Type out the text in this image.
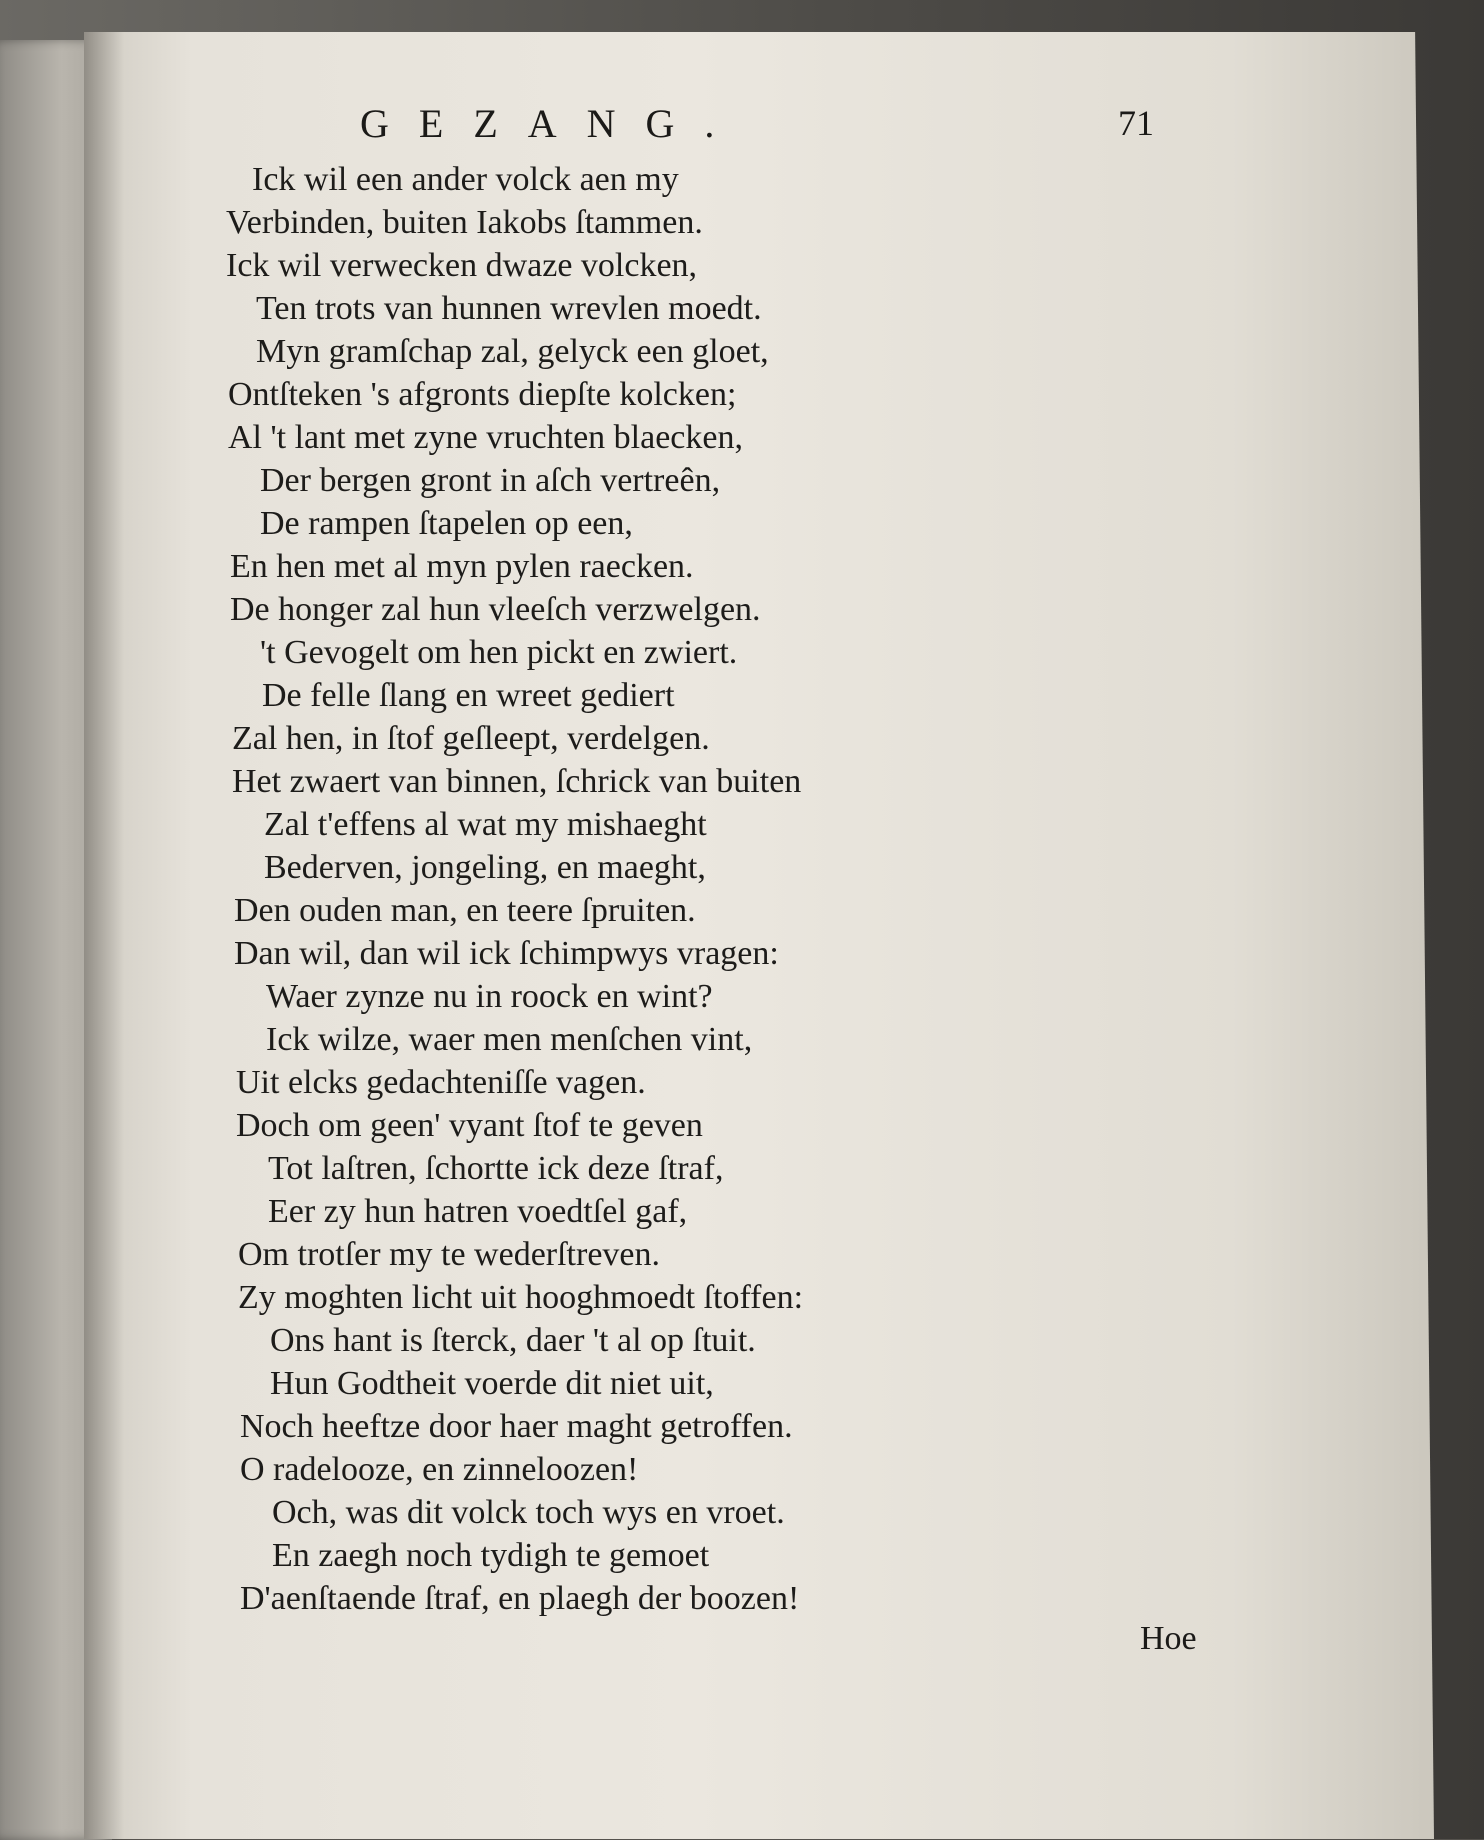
GEZANG.	71
Ick wil een ander volck aen my
Verbinden, buiten Iakobs ſtammen.
Ick wil verwecken dwaze volcken,
Ten trots van hunnen wrevlen moedt.
Myn gramſchap zal, gelyck een gloet,
Ontſteken 's afgronts diepſte kolcken;
Al 't lant met zyne vruchten blaecken,
Der bergen gront in aſch vertreên,
De rampen ſtapelen op een,
En hen met al myn pylen raecken.
De honger zal hun vleeſch verzwelgen.
't Gevogelt om hen pickt en zwiert.
De felle ſlang en wreet gediert
Zal hen, in ſtof geſleept, verdelgen.
Het zwaert van binnen, ſchrick van buiten
Zal t'effens al wat my mishaeght
Bederven, jongeling, en maeght,
Den ouden man, en teere ſpruiten.
Dan wil, dan wil ick ſchimpwys vragen:
Waer zynze nu in roock en wint?
Ick wilze, waer men menſchen vint,
Uit elcks gedachteniſſe vagen.
Doch om geen' vyant ſtof te geven
Tot laſtren, ſchortte ick deze ſtraf,
Eer zy hun hatren voedtſel gaf,
Om trotſer my te wederſtreven.
Zy moghten licht uit hooghmoedt ſtoffen:
Ons hant is ſterck, daer 't al op ſtuit.
Hun Godtheit voerde dit niet uit,
Noch heeftze door haer maght getroffen.
O radelooze, en zinneloozen!
Och, was dit volck toch wys en vroet.
En zaegh noch tydigh te gemoet
D'aenſtaende ſtraf, en plaegh der boozen!
Hoe
